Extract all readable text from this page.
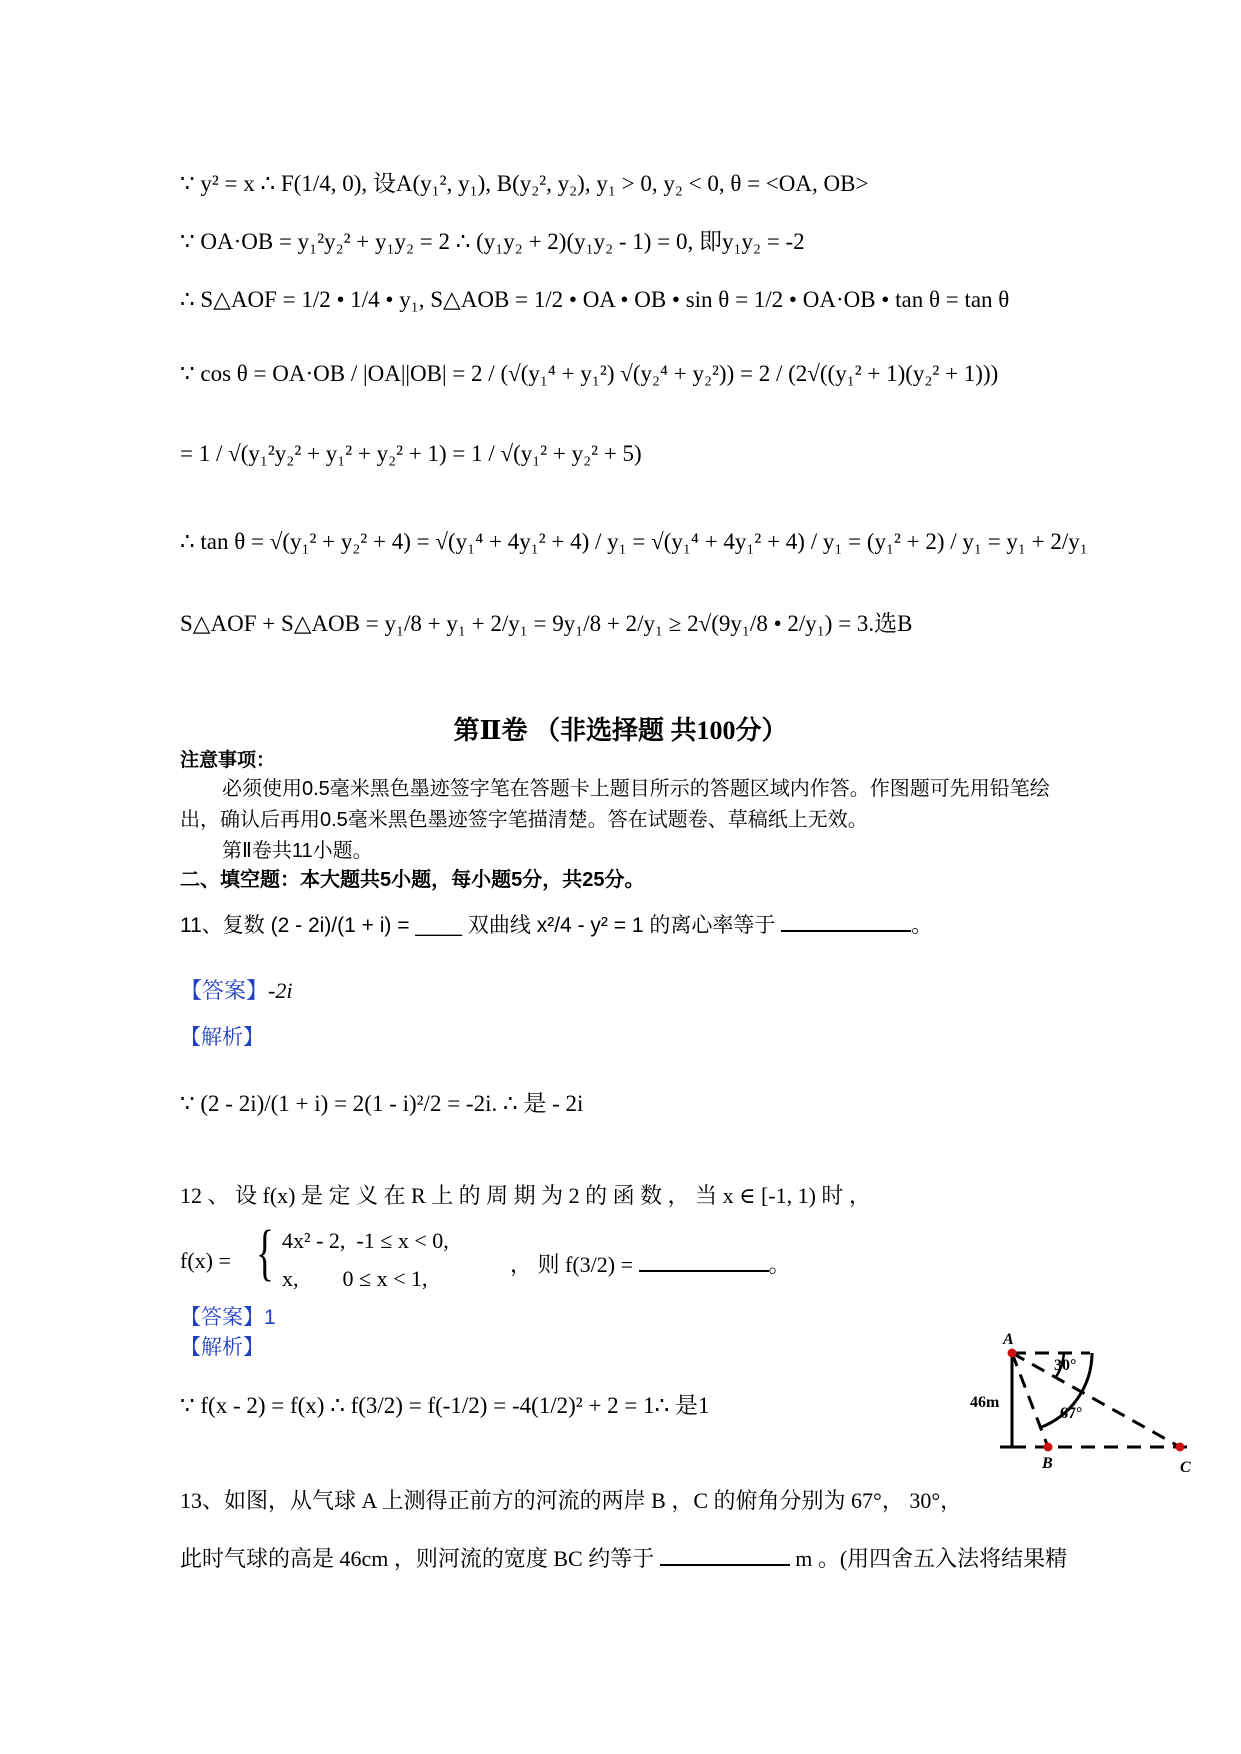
∵ y² = x ∴ F(1/4, 0), 设A(y₁², y₁), B(y₂², y₂), y₁ > 0, y₂ < 0, θ = <OA, OB>
∵ OA·OB = y₁²y₂² + y₁y₂ = 2 ∴ (y₁y₂ + 2)(y₁y₂ - 1) = 0, 即y₁y₂ = -2
∴ S△AOF = 1/2 • 1/4 • y₁, S△AOB = 1/2 • OA • OB • sin θ = 1/2 • OA·OB • tan θ = tan θ
∵ cos θ = OA·OB / |OA||OB| = 2 / (√(y₁⁴ + y₁²) √(y₂⁴ + y₂²)) = 2 / (2√((y₁² + 1)(y₂² + 1)))
= 1 / √(y₁²y₂² + y₁² + y₂² + 1) = 1 / √(y₁² + y₂² + 5)
∴ tan θ = √(y₁² + y₂² + 4) = √(y₁⁴ + 4y₁² + 4) / y₁ = √(y₁⁴ + 4y₁² + 4) / y₁ = (y₁² + 2) / y₁ = y₁ + 2/y₁
S△AOF + S△AOB = y₁/8 + y₁ + 2/y₁ = 9y₁/8 + 2/y₁ ≥ 2√(9y₁/8 • 2/y₁) = 3.选B
第Ⅱ卷 （非选择题 共100分）
注意事项：
必须使用0.5毫米黑色墨迹签字笔在答题卡上题目所示的答题区域内作答。作图题可先用铅笔绘出，确认后再用0.5毫米黑色墨迹签字笔描清楚。答在试题卷、草稿纸上无效。
第Ⅱ卷共11小题。
二、填空题：本大题共5小题，每小题5分，共25分。
11、复数 (2 - 2i)/(1 + i) = ____ 双曲线 x²/4 - y² = 1 的离心率等于	。
【答案】-2i
【解析】
∵ (2 - 2i)/(1 + i) = 2(1 - i)²/2 = -2i. ∴ 是 - 2i
12 、 设 f(x) 是 定 义 在 R 上 的 周 期 为 2 的 函 数 ， 当 x ∈ [-1, 1) 时 ，
f(x) = { 4x² - 2,  -1 ≤ x < 0,
x,        0 ≤ x < 1,
， 则 f(3/2) =	。
【答案】1
【解析】
∵ f(x - 2) = f(x) ∴ f(3/2) = f(-1/2) = -4(1/2)² + 2 = 1∴ 是1
A
B	C
46m
30°
67°
13、如图，从气球 A 上测得正前方的河流的两岸 B ，C 的俯角分别为 67°， 30°，
此时气球的高是 46cm ，则河流的宽度 BC 约等于	m 。(用四舍五入法将结果精
